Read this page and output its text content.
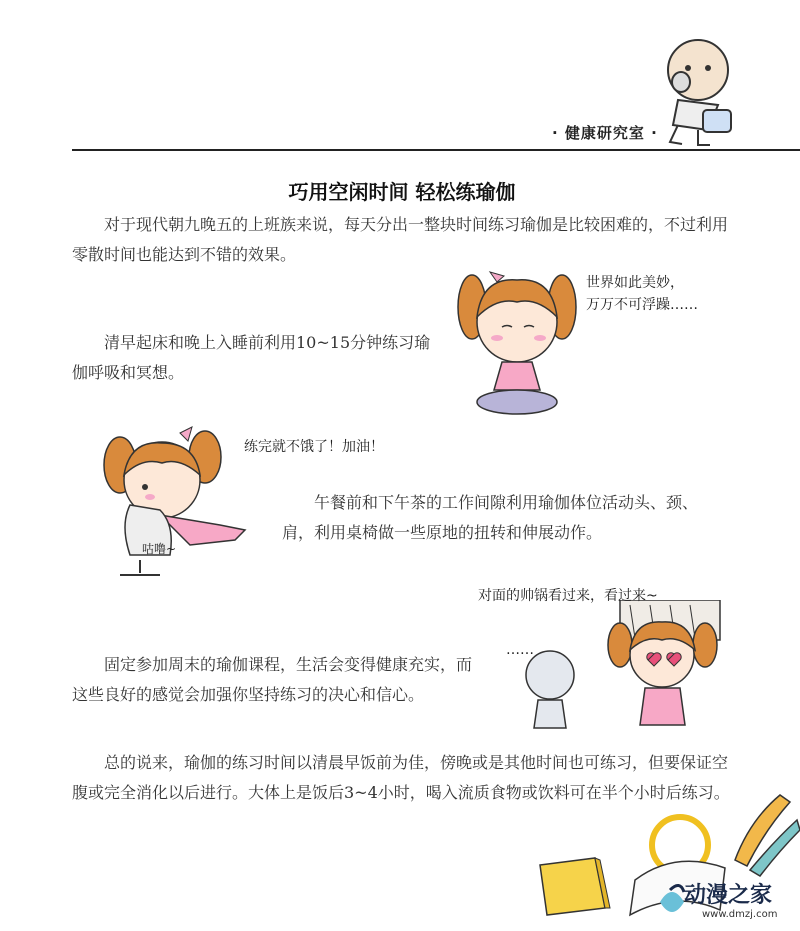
· 健康研究室 ·
巧用空闲时间 轻松练瑜伽

对于现代朝九晚五的上班族来说，每天分出一整块时间练习瑜伽是比较困难的，不过利用零散时间也能达到不错的效果。

清早起床和晚上入睡前利用10~15分钟练习瑜伽呼吸和冥想。

午餐前和下午茶的工作间隙利用瑜伽体位活动头、颈、肩，利用桌椅做一些原地的扭转和伸展动作。

固定参加周末的瑜伽课程，生活会变得健康充实，而这些良好的感觉会加强你坚持练习的决心和信心。

总的说来，瑜伽的练习时间以清晨早饭前为佳，傍晚或是其他时间也可练习，但要保证空腹或完全消化以后进行。大体上是饭后3~4小时，喝入流质食物或饮料可在半个小时后练习。

世界如此美妙，
万万不可浮躁……
咕噜~
练完就不饿了！加油！
对面的帅锅看过来，看过来~
……
动漫之家
www.dmzj.com
